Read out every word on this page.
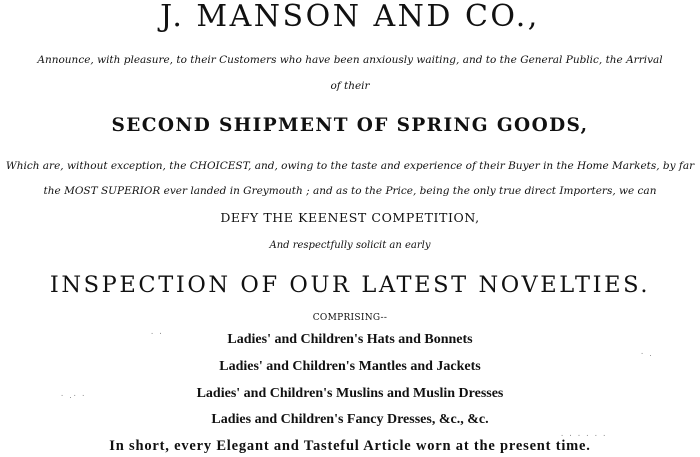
J. MANSON AND CO.,
Announce, with pleasure, to their Customers who have been anxiously waiting, and to the General Public, the Arrival
of their
SECOND SHIPMENT OF SPRING GOODS,
Which are, without exception, the CHOICEST, and, owing to the taste and experience of their Buyer in the Home Markets, by far
the MOST SUPERIOR ever landed in Greymouth ; and as to the Price, being the only true direct Importers, we can
DEFY THE KEENEST COMPETITION,
And respectfully solicit an early
INSPECTION OF OUR LATEST NOVELTIES.
COMPRISING--
Ladies' and Children's Hats and Bonnets
Ladies' and Children's Mantles and Jackets
Ladies' and Children's Muslins and Muslin Dresses
Ladies and Children's Fancy Dresses, &c., &c.
In short, every Elegant and Tasteful Article worn at the present time.
· .· ·
· ·
· .
· · · · · ·
